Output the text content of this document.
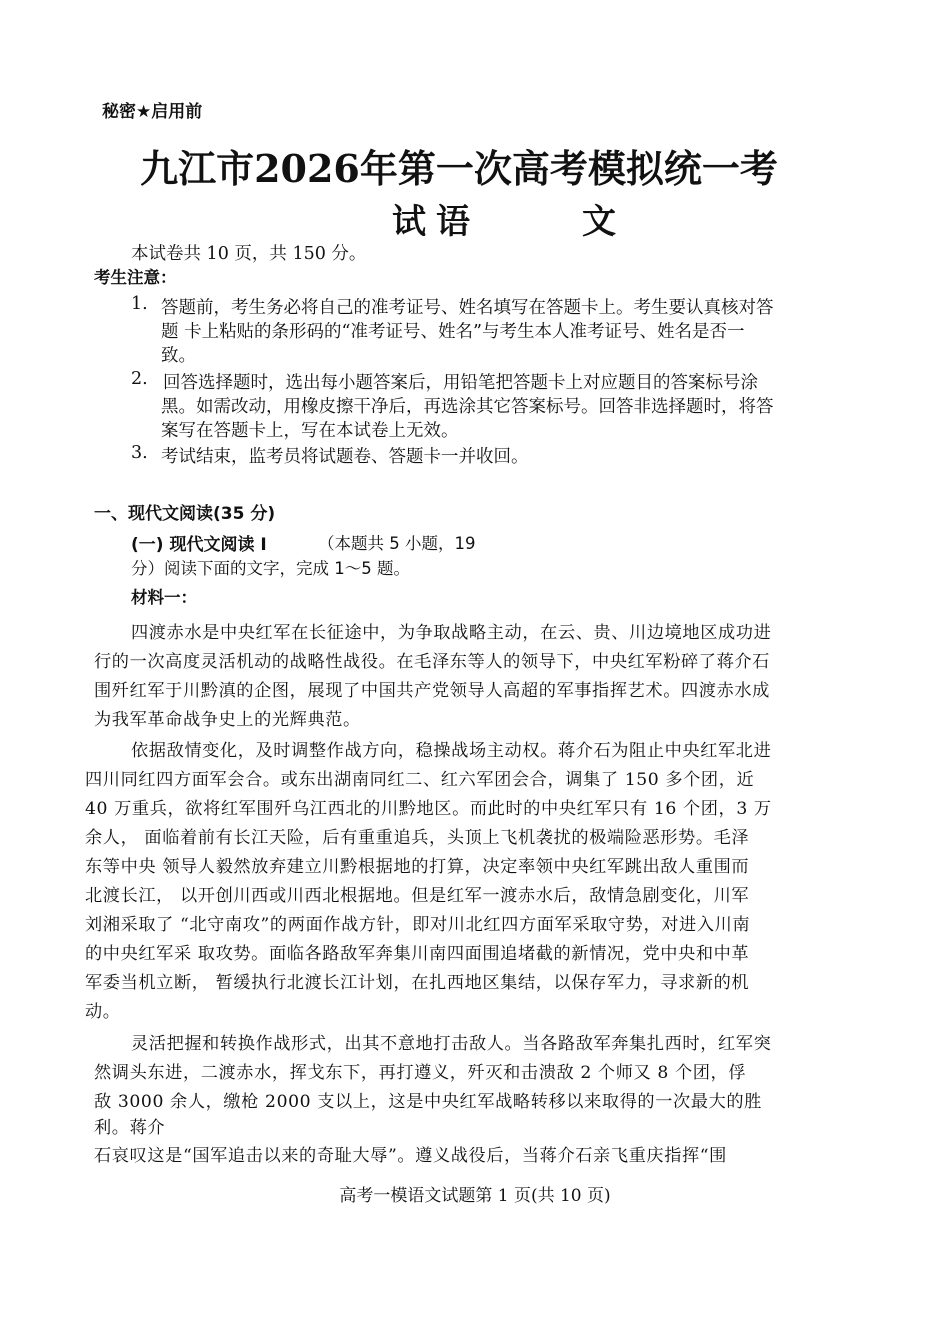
秘密★启用前
九江市2026年第一次高考模拟统一考
试 语	文
本试卷共 10 页，共 150 分。
考生注意：
1. 答题前，考生务必将自己的准考证号、姓名填写在答题卡上。考生要认真核对答
题 卡上粘贴的条形码的“准考证号、姓名”与考生本人准考证号、姓名是否一
致。
2. 回答选择题时，选出每小题答案后，用铅笔把答题卡上对应题目的答案标号涂
黑。如需改动，用橡皮擦干净后，再选涂其它答案标号。回答非选择题时，将答
案写在答题卡上，写在本试卷上无效。
3. 考试结束，监考员将试题卷、答题卡一并收回。
一、现代文阅读(35 分)
(一) 现代文阅读 I	（本题共 5 小题，19
分）阅读下面的文字，完成 1～5 题。
材料一：
四渡赤水是中央红军在长征途中，为争取战略主动，在云、贵、川边境地区成功进
行的一次高度灵活机动的战略性战役。在毛泽东等人的领导下，中央红军粉碎了蒋介石
围歼红军于川黔滇的企图，展现了中国共产党领导人高超的军事指挥艺术。四渡赤水成
为我军革命战争史上的光辉典范。
依据敌情变化，及时调整作战方向，稳操战场主动权。蒋介石为阻止中央红军北进
四川同红四方面军会合。或东出湖南同红二、红六军团会合，调集了 150 多个团，近
40 万重兵，欲将红军围歼乌江西北的川黔地区。而此时的中央红军只有 16 个团，3 万
余人， 面临着前有长江天险，后有重重追兵，头顶上飞机袭扰的极端险恶形势。毛泽
东等中央 领导人毅然放弃建立川黔根据地的打算，决定率领中央红军跳出敌人重围而
北渡长江， 以开创川西或川西北根据地。但是红军一渡赤水后，敌情急剧变化，川军
刘湘采取了 “北守南攻”的两面作战方针，即对川北红四方面军采取守势，对进入川南
的中央红军采 取攻势。面临各路敌军奔集川南四面围追堵截的新情况，党中央和中革
军委当机立断， 暂缓执行北渡长江计划，在扎西地区集结，以保存军力，寻求新的机
动。
灵活把握和转换作战形式，出其不意地打击敌人。当各路敌军奔集扎西时，红军突
然调头东进，二渡赤水，挥戈东下，再打遵义，歼灭和击溃敌 2 个师又 8 个团，俘
敌 3000 余人，缴枪 2000 支以上，这是中央红军战略转移以来取得的一次最大的胜
利。蒋介
石哀叹这是“国军追击以来的奇耻大辱”。遵义战役后，当蒋介石亲飞重庆指挥“围
高考一模语文试题第 1 页(共 10 页)
